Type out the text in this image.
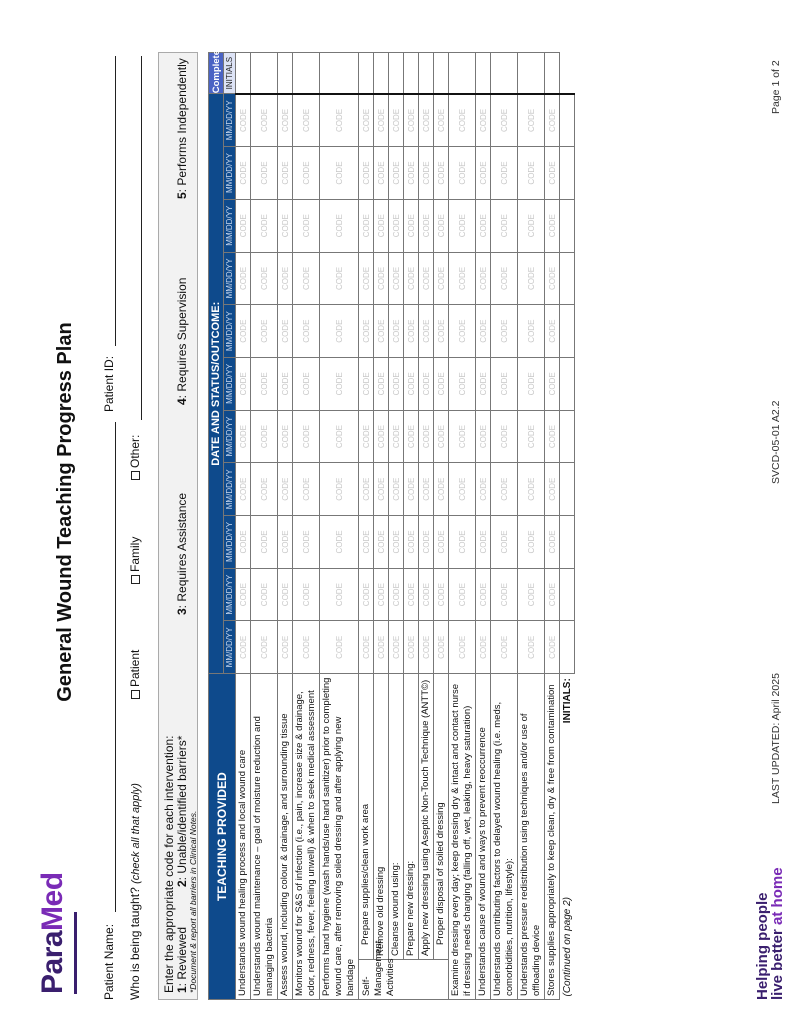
ParaMed
General Wound Teaching Progress Plan
Patient Name:
Patient ID:
Who is being taught? (check all that apply)
Patient
Family
Other:
Enter the appropriate code for each intervention: 1: Reviewed
2: Unable/identified barriers*
3: Requires Assistance
4: Requires Supervision
5: Performs Independently
*Document & report all barriers in Clinical Notes. TEACHING PROVIDED			DATE AND STATUS/OUTCOME:											Complete
			MM/DD/YY	MM/DD/YY	MM/DD/YY	MM/DD/YY	MM/DD/YY	MM/DD/YY	MM/DD/YY	MM/DD/YY	MM/DD/YY	MM/DD/YY	MM/DD/YY	INITIALS
Understands wound healing process and local wound care			CODE	CODE	CODE	CODE	CODE	CODE	CODE	CODE	CODE	CODE	CODE	
Understands wound maintenance – goal of moisture reduction and managing bacteria			CODE	CODE	CODE	CODE	CODE	CODE	CODE	CODE	CODE	CODE	CODE	
Assess wound, including colour & drainage, and surrounding tissue			CODE	CODE	CODE	CODE	CODE	CODE	CODE	CODE	CODE	CODE	CODE	
Monitors wound for S&S of infection (i.e., pain, increase size & drainage, odor, redness, fever, feeling unwell) & when to seek medical assessment			CODE	CODE	CODE	CODE	CODE	CODE	CODE	CODE	CODE	CODE	CODE	
Performs hand hygiene (wash hands/use hand sanitizer) prior to completing wound care, after removing soiled dressing and after applying new bandage			CODE	CODE	CODE	CODE	CODE	CODE	CODE	CODE	CODE	CODE	CODE	
Self-Management Activities	Prepare supplies/clean work area		CODE	CODE	CODE	CODE	CODE	CODE	CODE	CODE	CODE	CODE	CODE	
	Remove old dressing		CODE	CODE	CODE	CODE	CODE	CODE	CODE	CODE	CODE	CODE	CODE	
	Cleanse wound using:		CODE	CODE	CODE	CODE	CODE	CODE	CODE	CODE	CODE	CODE	CODE	
	Prepare new dressing:		CODE	CODE	CODE	CODE	CODE	CODE	CODE	CODE	CODE	CODE	CODE	
	Apply new dressing using Aseptic Non-Touch Technique (ANTT©)		CODE	CODE	CODE	CODE	CODE	CODE	CODE	CODE	CODE	CODE	CODE	
	Proper disposal of soiled dressing		CODE	CODE	CODE	CODE	CODE	CODE	CODE	CODE	CODE	CODE	CODE	
Examine dressing every day; keep dressing dry & intact and contact nurse if dressing needs changing (falling off, wet, leaking, heavy saturation)			CODE	CODE	CODE	CODE	CODE	CODE	CODE	CODE	CODE	CODE	CODE	
Understands cause of wound and ways to prevent reoccurrence			CODE	CODE	CODE	CODE	CODE	CODE	CODE	CODE	CODE	CODE	CODE	
Understands contributing factors to delayed wound healing (i.e. meds, comorbidities, nutrition, lifestyle):			CODE	CODE	CODE	CODE	CODE	CODE	CODE	CODE	CODE	CODE	CODE	
Understands pressure redistribution using techniques and/or use of offloading device			CODE	CODE	CODE	CODE	CODE	CODE	CODE	CODE	CODE	CODE	CODE	
Stores supplies appropriately to keep clean, dry & free from contamination			CODE	CODE	CODE	CODE	CODE	CODE	CODE	CODE	CODE	CODE	CODE	
(Continued on page 2)		INITIALS:												
Helping people
live better at home
LAST UPDATED: April 2025
SVCD-05-01 A2.2
Page 1 of 2
